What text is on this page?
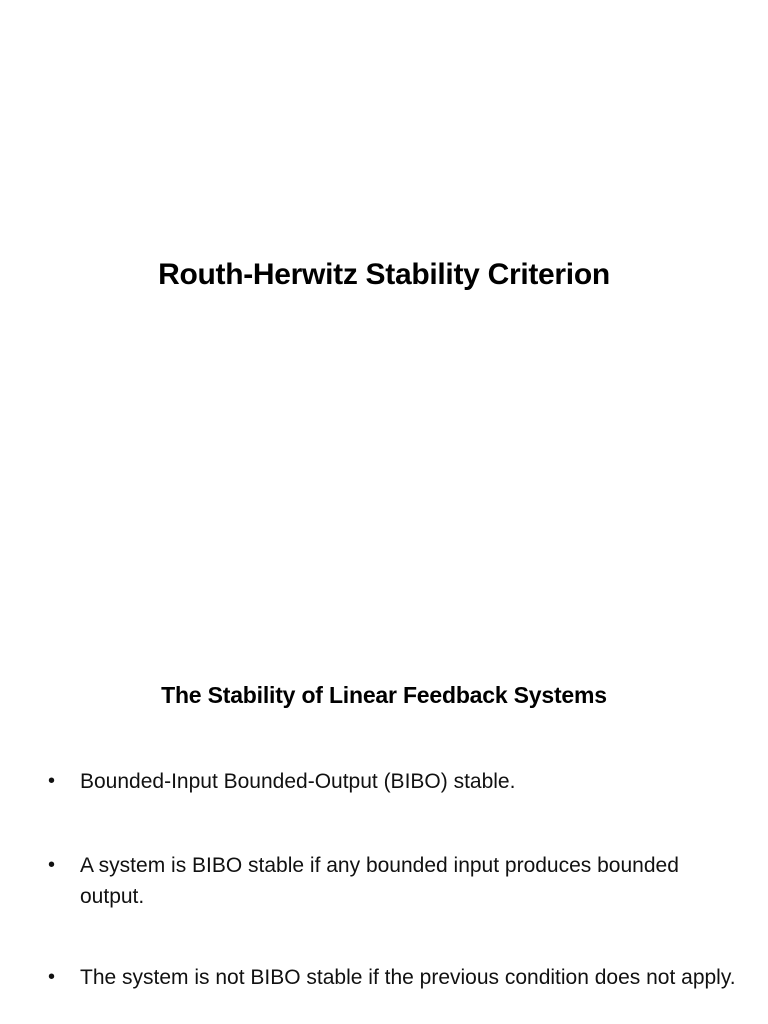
Routh-Herwitz Stability Criterion
The Stability of Linear Feedback Systems
•	Bounded-Input Bounded-Output (BIBO) stable.
•	A system is BIBO stable if any bounded input produces bounded output.
•	The system is not BIBO stable if the previous condition does not apply.
